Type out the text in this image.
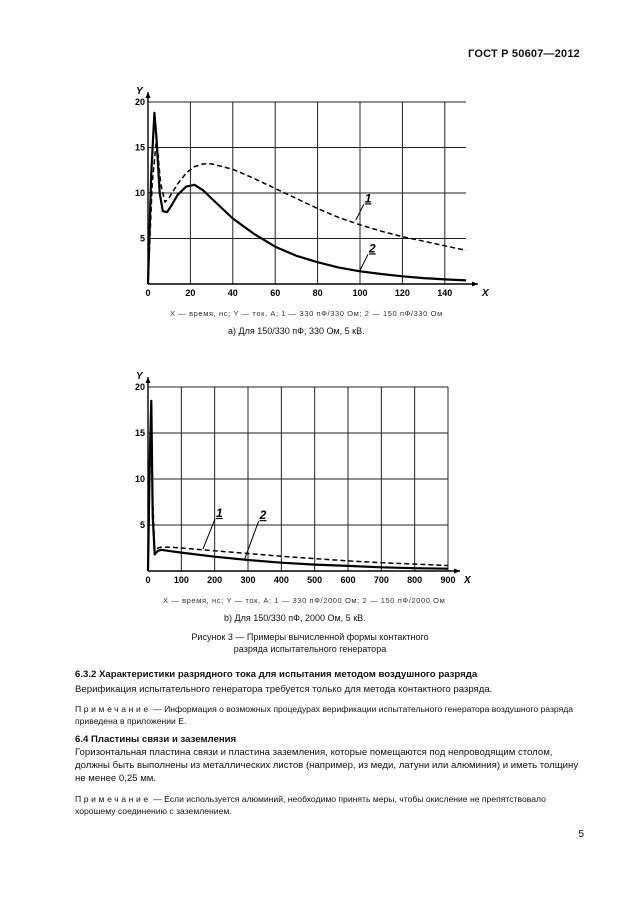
ГОСТ Р 50607—2012
0	20	40	60	80	100	120	140
5
10
15
20
X
Y
1
2
X — время, нс; Y — ток, A; 1 — 330 пФ/330 Ом; 2 — 150 пФ/330 Ом
a) Для 150/330 пФ, 330 Ом, 5 кВ.
0	100 200 300 400 500 600 700 800 900
5
10
15
20
X
Y
1	2
X — время, нс; Y — ток, A; 1 — 330 пФ/2000 Ом; 2 — 150 пФ/2000 Ом
b) Для 150/330 пФ, 2000 Ом, 5 кВ.
Рисунок 3 — Примеры вычисленной формы контактного
разряда испытательного генератора
6.3.2 Характеристики разрядного тока для испытания методом воздушного разряда
Верификация испытательного генератора требуется только для метода контактного разряда.
Примечание — Информация о возможных процедурах верификации испытательного генератора воздушного разряда приведена в приложении Е.
6.4 Пластины связи и заземления
Горизонтальная пластина связи и пластина заземления, которые помещаются под непроводящим столом, должны быть выполнены из металлических листов (например, из меди, латуни или алюминия) и иметь толщину не менее 0,25 мм.
Примечание — Если используется алюминий, необходимо принять меры, чтобы окисление не препятствовало хорошему соединению с заземлением.
5
